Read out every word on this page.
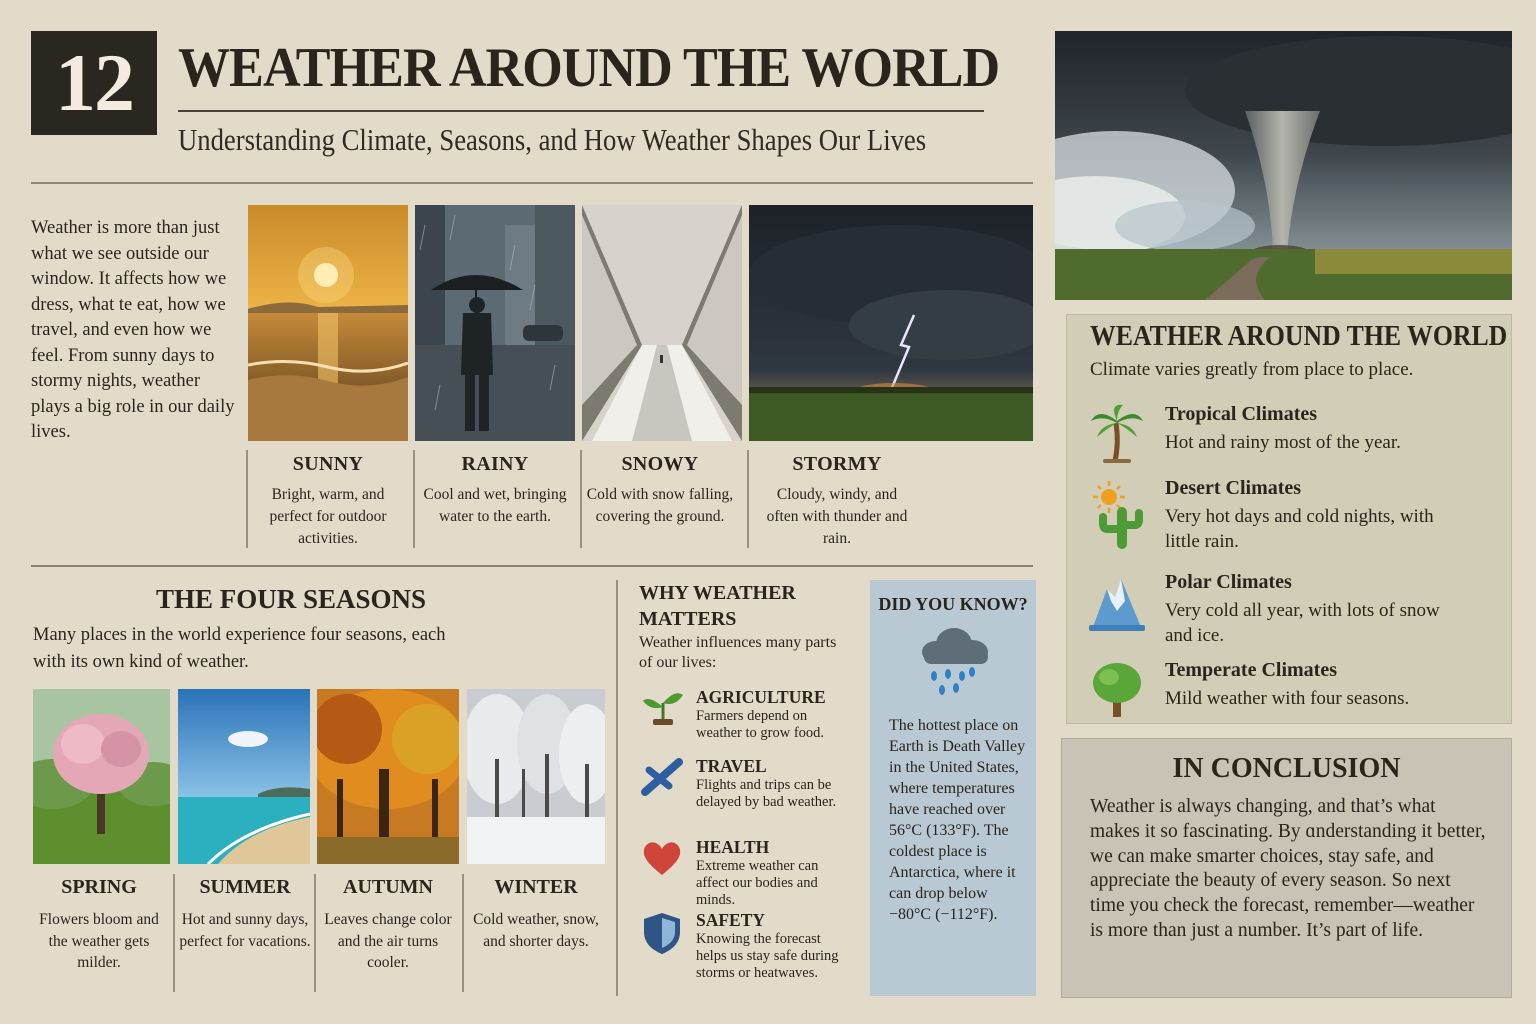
12 WEATHER AROUND THE WORLD
Understanding Climate, Seasons, and How Weather Shapes Our Lives
Weather is more than just what we see outside our window. It affects how we dress, what te eat, how we travel, and even how we feel. From sunny days to stormy nights, weather plays a big role in our daily lives.
SUNNY
Bright, warm, and perfect for outdoor activities.
RAINY
Cool and wet, bringing water to the earth.
SNOWY
Cold with snow falling, covering the ground.
STORMY
Cloudy, windy, and often with thunder and rain.
THE FOUR SEASONS
Many places in the world experience four seasons, each with its own kind of weather.
SPRING
Flowers bloom and the weather gets milder.
SUMMER
Hot and sunny days, perfect for vacations.
AUTUMN
Leaves change color and the air turns cooler.
WINTER
Cold weather, snow, and shorter days.
WHY WEATHER MATTERS
Weather influences many parts of our lives:
AGRICULTURE
Farmers depend on weather to grow food.
TRAVEL
Flights and trips can be delayed by bad weather.
HEALTH
Extreme weather can affect our bodies and minds.
SAFETY
Knowing the forecast helps us stay safe during storms or heatwaves.
DID YOU KNOW?
The hottest place on Earth is Death Valley in the United States, where temperatures have reached over 56°C (133°F). The coldest place is Antarctica, where it can drop below −80°C (−112°F).
WEATHER AROUND THE WORLD
Climate varies greatly from place to place.
Tropical Climates
Hot and rainy most of the year.
Desert Climates
Very hot days and cold nights, with little rain.
Polar Climates
Very cold all year, with lots of snow and ice.
Temperate Climates
Mild weather with four seasons.
IN CONCLUSION
Weather is always changing, and that’s what makes it so fascinating. By ɑnderstanding it better, we can make smarter choices, stay safe, and appreciate the beauty of every season. So next time you check the forecast, remember—weather is more than just a number. It’s part of life.
